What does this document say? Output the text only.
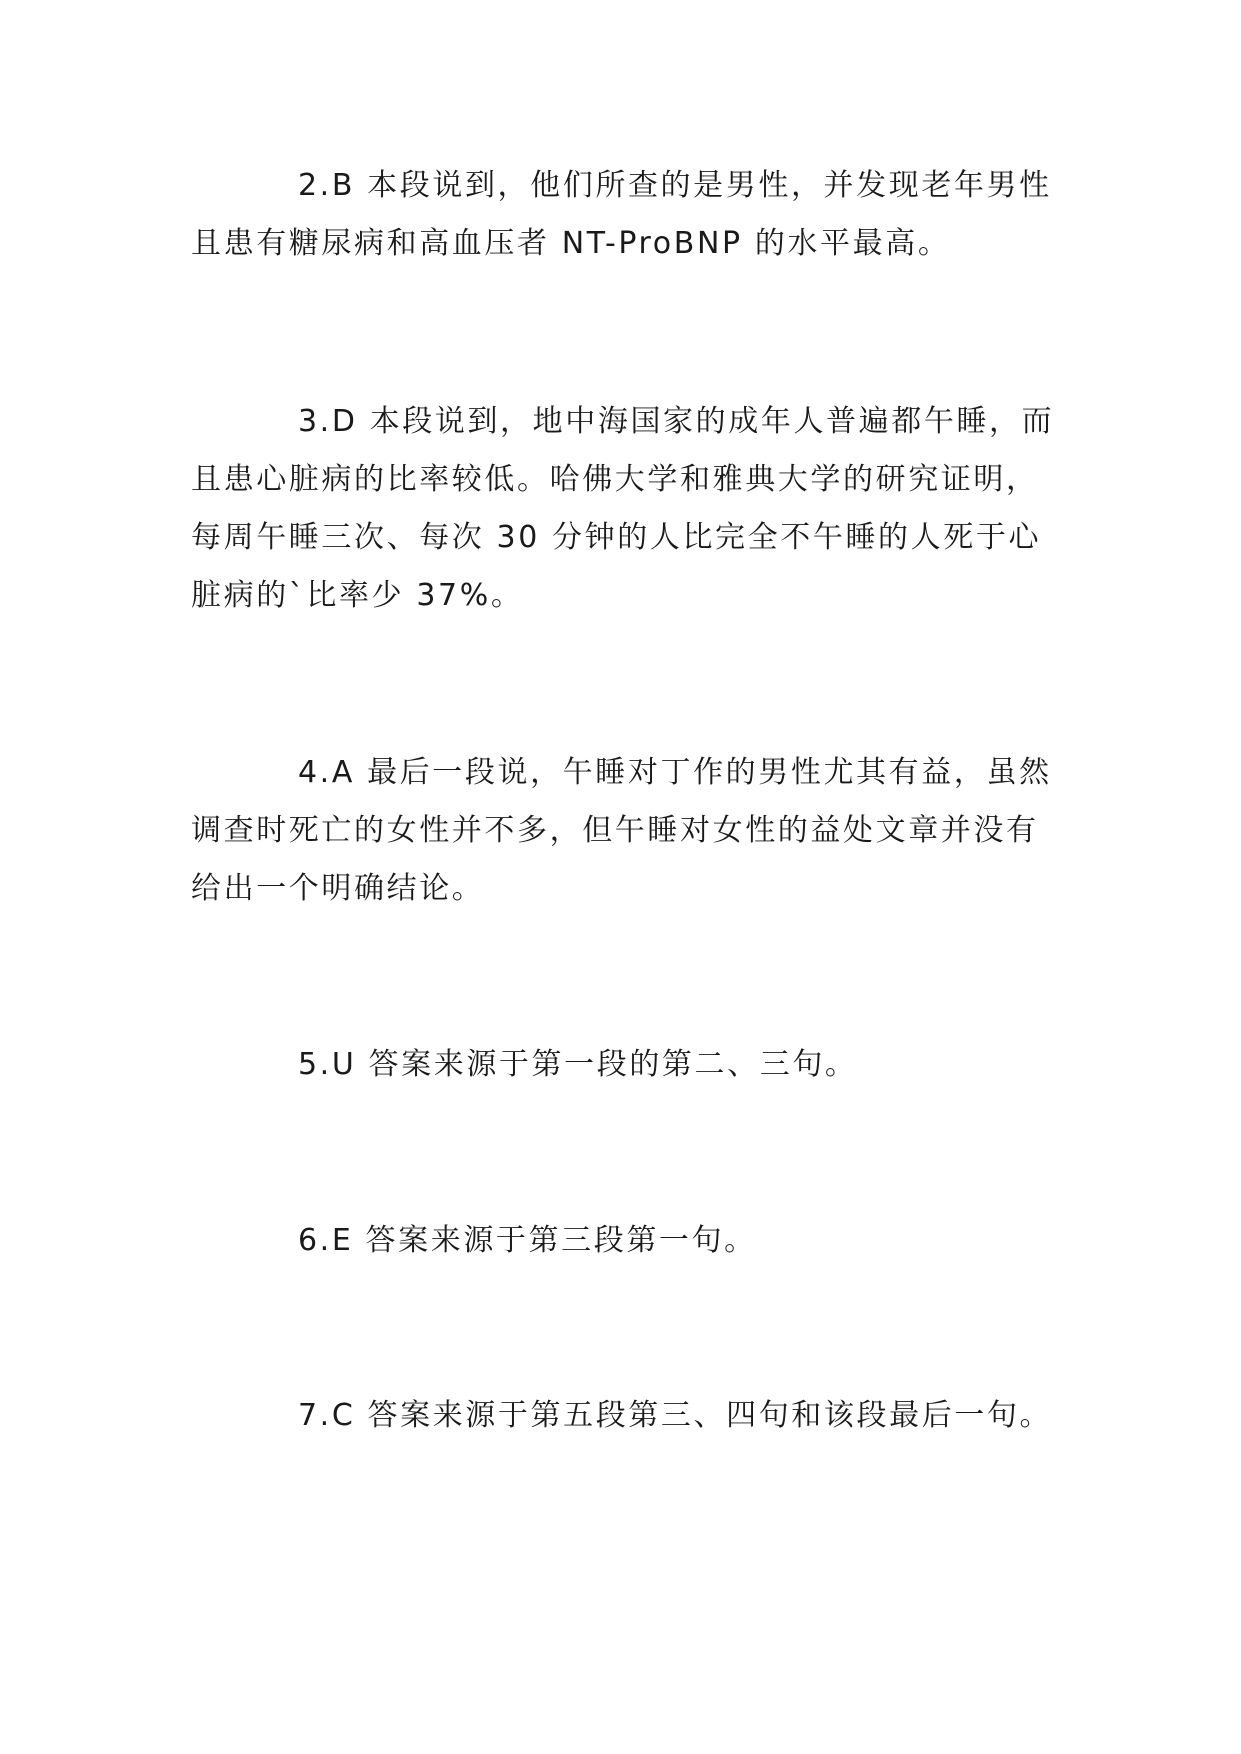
2.B 本段说到，他们所查的是男性，并发现老年男性且患有糖尿病和高血压者 NT-ProBNP 的水平最高。

3.D 本段说到，地中海国家的成年人普遍都午睡，而且患心脏病的比率较低。哈佛大学和雅典大学的研究证明，每周午睡三次、每次 30 分钟的人比完全不午睡的人死于心脏病的`比率少 37%。

4.A 最后一段说，午睡对丁作的男性尤其有益，虽然调查时死亡的女性并不多，但午睡对女性的益处文章并没有给出一个明确结论。

5.U 答案来源于第一段的第二、三句。

6.E 答案来源于第三段第一句。

7.C 答案来源于第五段第三、四句和该段最后一句。
